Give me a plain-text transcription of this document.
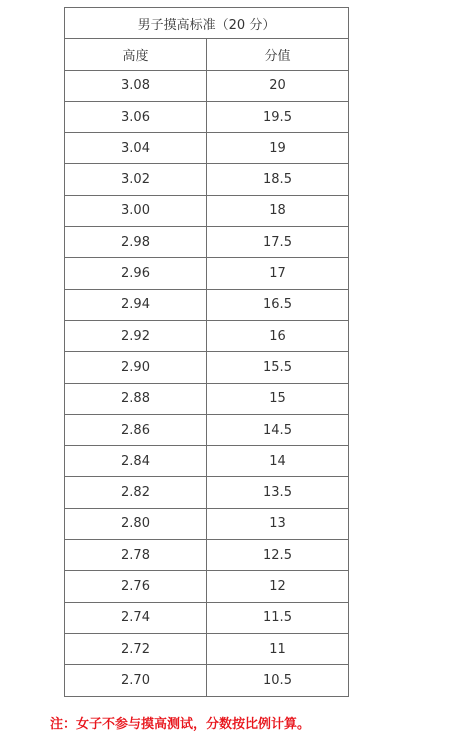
男子摸高标准（20 分）	
高度	分值
3.08	20
3.06	19.5
3.04	19
3.02	18.5
3.00	18
2.98	17.5
2.96	17
2.94	16.5
2.92	16
2.90	15.5
2.88	15
2.86	14.5
2.84	14
2.82	13.5
2.80	13
2.78	12.5
2.76	12
2.74	11.5
2.72	11
2.70	10.5
注：女子不参与摸高测试，分数按比例计算。
